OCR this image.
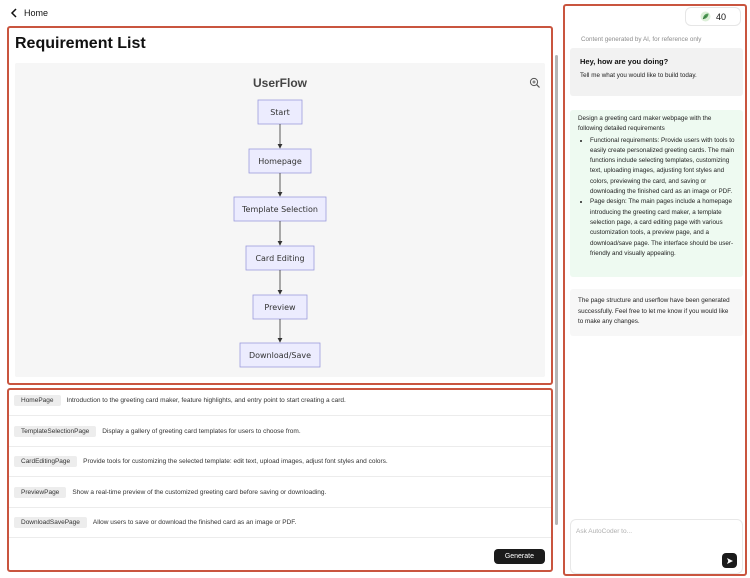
Home
Requirement List
UserFlow
Start
Homepage
Template Selection
Card Editing
Preview
Download/Save
HomePage	Introduction to the greeting card maker, feature highlights, and entry point to start creating a card.
TemplateSelectionPage	Display a gallery of greeting card templates for users to choose from.
CardEditingPage	Provide tools for customizing the selected template: edit text, upload images, adjust font styles and colors.
PreviewPage	Show a real-time preview of the customized greeting card before saving or downloading.
DownloadSavePage	Allow users to save or download the finished card as an image or PDF.
Generate
40
Content generated by AI, for reference only
Hey, how are you doing?
Tell me what you would like to build today.
Design a greeting card maker webpage with the following detailed requirements
• Functional requirements: Provide users with tools to easily create personalized greeting cards. The main functions include selecting templates, customizing text, uploading images, adjusting font styles and colors, previewing the card, and saving or downloading the finished card as an image or PDF.
• Page design: The main pages include a homepage introducing the greeting card maker, a template selection page, a card editing page with various customization tools, a preview page, and a download/save page. The interface should be user-friendly and visually appealing.
The page structure and userflow have been generated successfully. Feel free to let me know if you would like to make any changes.
Ask AutoCoder to...
